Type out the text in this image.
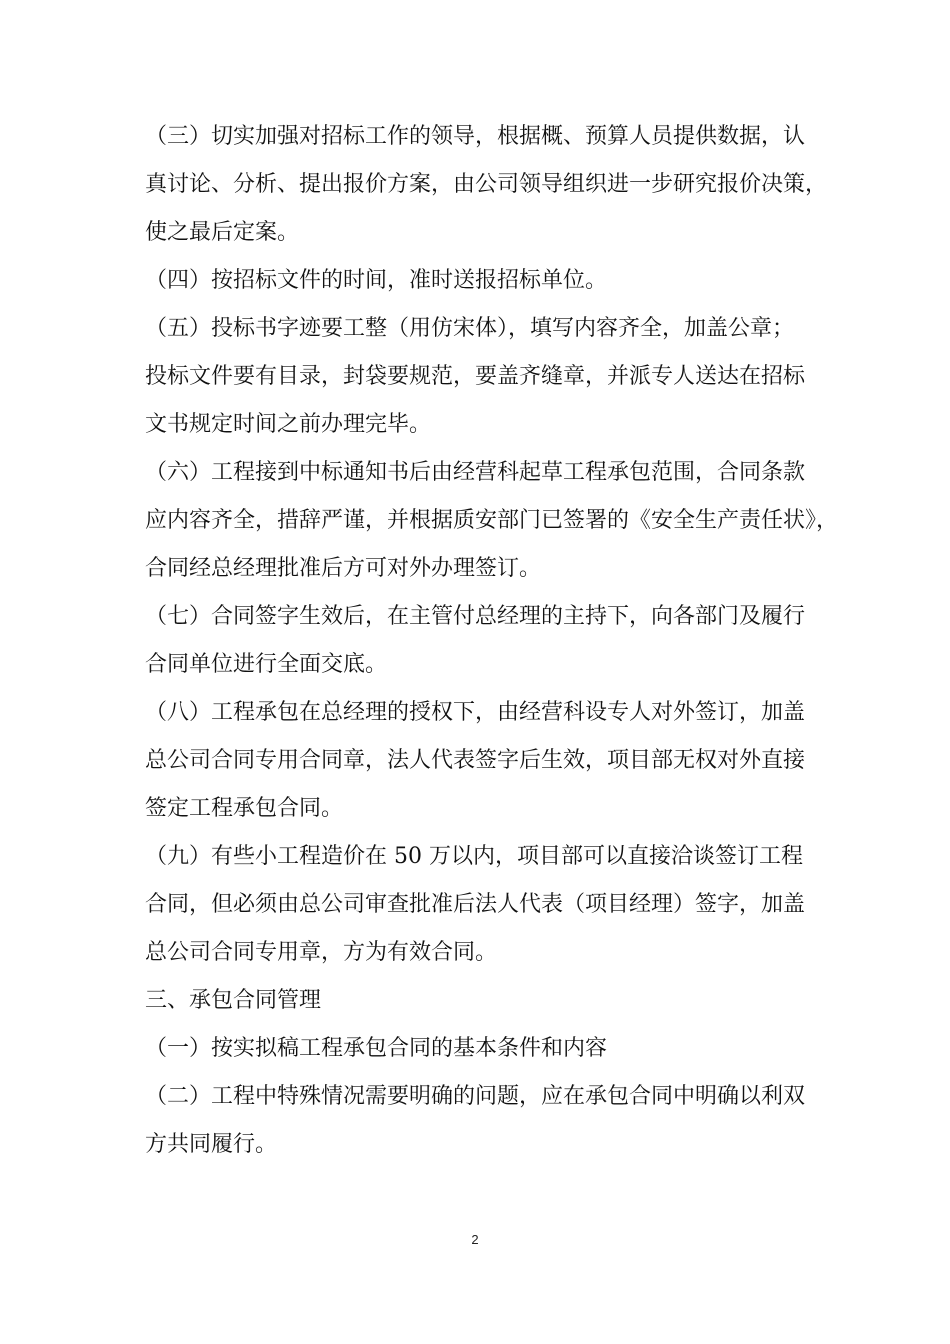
（三）切实加强对招标工作的领导，根据概、预算人员提供数据，认
真讨论、分析、提出报价方案，由公司领导组织进一步研究报价决策，
使之最后定案。

（四）按招标文件的时间，准时送报招标单位。

（五）投标书字迹要工整（用仿宋体），填写内容齐全，加盖公章；
投标文件要有目录，封袋要规范，要盖齐缝章，并派专人送达在招标
文书规定时间之前办理完毕。

（六）工程接到中标通知书后由经营科起草工程承包范围，合同条款
应内容齐全，措辞严谨，并根据质安部门已签署的《安全生产责任状》，
合同经总经理批准后方可对外办理签订。

（七）合同签字生效后，在主管付总经理的主持下，向各部门及履行
合同单位进行全面交底。

（八）工程承包在总经理的授权下，由经营科设专人对外签订，加盖
总公司合同专用合同章，法人代表签字后生效，项目部无权对外直接
签定工程承包合同。

（九）有些小工程造价在 50 万以内，项目部可以直接洽谈签订工程
合同，但必须由总公司审查批准后法人代表（项目经理）签字，加盖
总公司合同专用章，方为有效合同。

三、承包合同管理

（一）按实拟稿工程承包合同的基本条件和内容

（二）工程中特殊情况需要明确的问题，应在承包合同中明确以利双
方共同履行。

2
